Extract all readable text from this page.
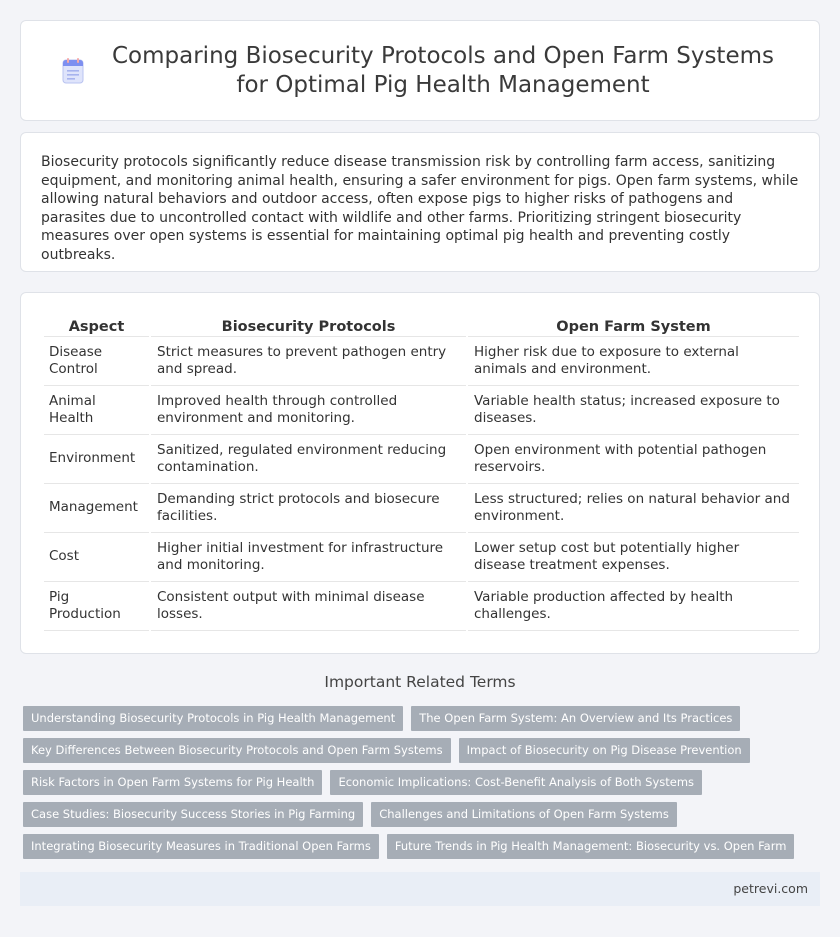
Comparing Biosecurity Protocols and Open Farm Systems for Optimal Pig Health Management

Biosecurity protocols significantly reduce disease transmission risk by controlling farm access, sanitizing equipment, and monitoring animal health, ensuring a safer environment for pigs. Open farm systems, while allowing natural behaviors and outdoor access, often expose pigs to higher risks of pathogens and parasites due to uncontrolled contact with wildlife and other farms. Prioritizing stringent biosecurity measures over open systems is essential for maintaining optimal pig health and preventing costly outbreaks.

Aspect	Biosecurity Protocols	Open Farm System
Disease Control	Strict measures to prevent pathogen entry and spread.	Higher risk due to exposure to external animals and environment.
Animal Health	Improved health through controlled environment and monitoring.	Variable health status; increased exposure to diseases.
Environment	Sanitized, regulated environment reducing contamination.	Open environment with potential pathogen reservoirs.
Management	Demanding strict protocols and biosecure facilities.	Less structured; relies on natural behavior and environment.
Cost	Higher initial investment for infrastructure and monitoring.	Lower setup cost but potentially higher disease treatment expenses.
Pig Production	Consistent output with minimal disease losses.	Variable production affected by health challenges.
Important Related Terms
Understanding Biosecurity Protocols in Pig Health Management	The Open Farm System: An Overview and Its Practices
Key Differences Between Biosecurity Protocols and Open Farm Systems	Impact of Biosecurity on Pig Disease Prevention
Risk Factors in Open Farm Systems for Pig Health	Economic Implications: Cost-Benefit Analysis of Both Systems
Case Studies: Biosecurity Success Stories in Pig Farming	Challenges and Limitations of Open Farm Systems
Integrating Biosecurity Measures in Traditional Open Farms	Future Trends in Pig Health Management: Biosecurity vs. Open Farm
petrevi.com
